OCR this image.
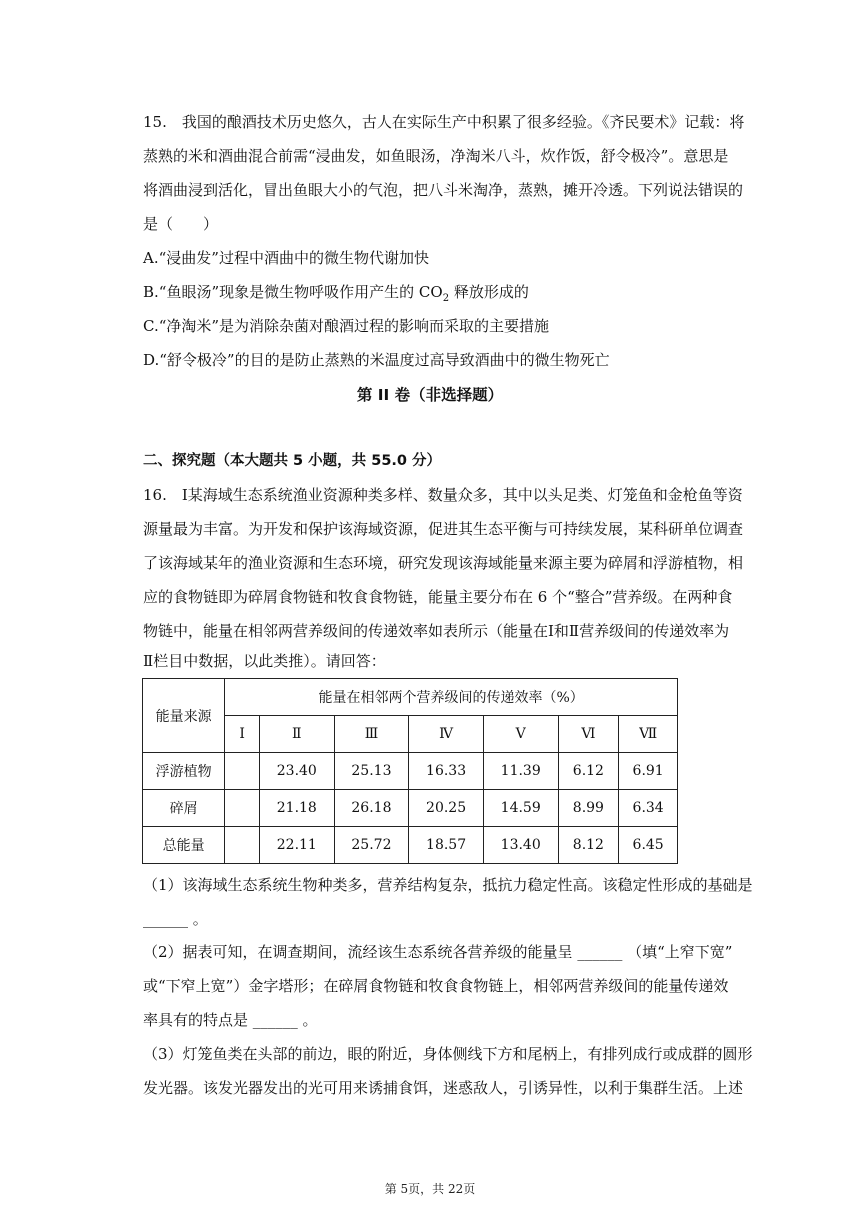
15.　我国的酿酒技术历史悠久，古人在实际生产中积累了很多经验。《齐民要术》记载：将
蒸熟的米和酒曲混合前需“浸曲发，如鱼眼汤，净淘米八斗，炊作饭，舒令极冷”。意思是
将酒曲浸到活化，冒出鱼眼大小的气泡，把八斗米淘净，蒸熟，摊开冷透。下列说法错误的
是（　　）
A.“浸曲发”过程中酒曲中的微生物代谢加快
B.“鱼眼汤”现象是微生物呼吸作用产生的 $CO_2$ 释放形成的
C.“净淘米”是为消除杂菌对酿酒过程的影响而采取的主要措施
D.“舒令极冷”的目的是防止蒸熟的米温度过高导致酒曲中的微生物死亡
第 II 卷（非选择题）
二、探究题（本大题共 5 小题，共 55.0 分）
16.　Ⅰ某海域生态系统渔业资源种类多样、数量众多，其中以头足类、灯笼鱼和金枪鱼等资
源量最为丰富。为开发和保护该海域资源，促进其生态平衡与可持续发展，某科研单位调查
了该海域某年的渔业资源和生态环境，研究发现该海域能量来源主要为碎屑和浮游植物，相
应的食物链即为碎屑食物链和牧食食物链，能量主要分布在 6 个“整合”营养级。在两种食
物链中，能量在相邻两营养级间的传递效率如表所示（能量在Ⅰ和Ⅱ营养级间的传递效率为
Ⅱ栏目中数据，以此类推）。请回答：
能量来源	能量在相邻两个营养级间的传递效率（%）						
	Ⅰ	Ⅱ	Ⅲ	Ⅳ	Ⅴ	Ⅵ	Ⅶ
浮游植物		23.40	25.13	16.33	11.39	6.12	6.91
碎屑		21.18	26.18	20.25	14.59	8.99	6.34
总能量		22.11	25.72	18.57	13.40	8.12	6.45
（1）该海域生态系统生物种类多，营养结构复杂，抵抗力稳定性高。该稳定性形成的基础是
______ 。
（2）据表可知，在调查期间，流经该生态系统各营养级的能量呈 ______ （填“上窄下宽”
或“下窄上宽”）金字塔形；在碎屑食物链和牧食食物链上，相邻两营养级间的能量传递效
率具有的特点是 ______ 。
（3）灯笼鱼类在头部的前边，眼的附近，身体侧线下方和尾柄上，有排列成行或成群的圆形
发光器。该发光器发出的光可用来诱捕食饵，迷惑敌人，引诱异性，以利于集群生活。上述
第 5页，共 22页
